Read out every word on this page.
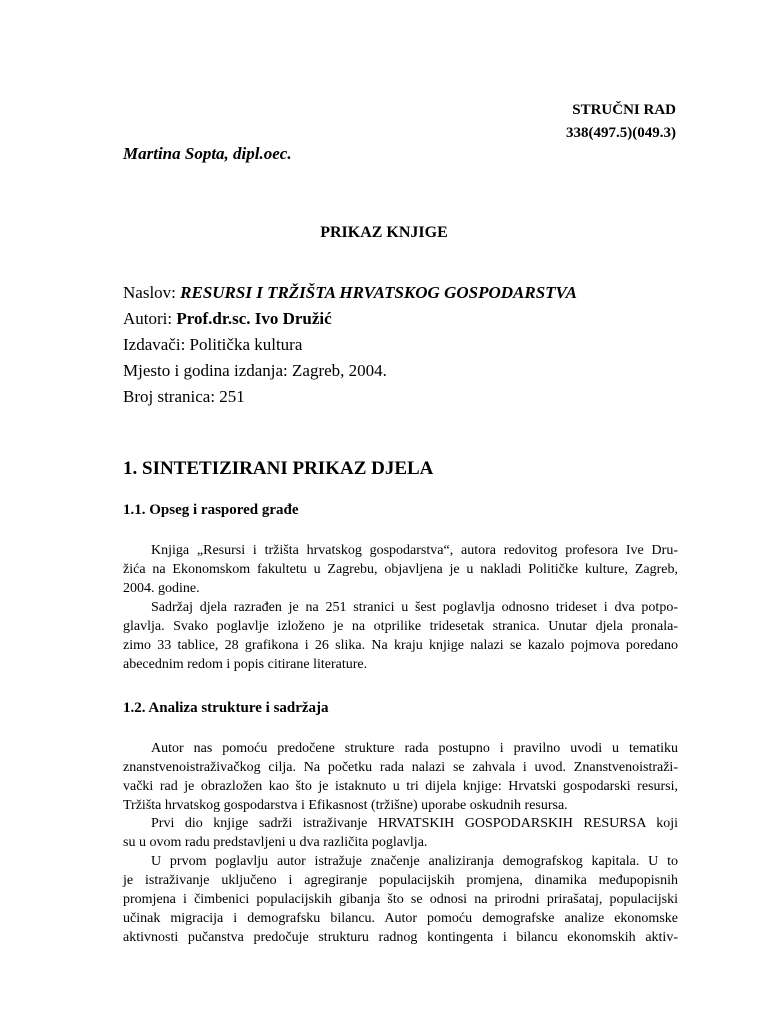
STRUČNI RAD
338(497.5)(049.3)
Martina Sopta, dipl.oec.
PRIKAZ KNJIGE
Naslov: RESURSI I TRŽIŠTA HRVATSKOG GOSPODARSTVA
Autori: Prof.dr.sc. Ivo Družić
Izdavači: Politička kultura
Mjesto i godina izdanja: Zagreb, 2004.
Broj stranica: 251
1. SINTETIZIRANI PRIKAZ DJELA
1.1. Opseg i raspored građe
Knjiga „Resursi i tržišta hrvatskog gospodarstva“, autora redovitog profesora Ive Dru-
žića na Ekonomskom fakultetu u Zagrebu, objavljena je u nakladi Političke kulture, Zagreb,
2004. godine.
Sadržaj djela razrađen je na 251 stranici u šest poglavlja odnosno trideset i dva potpo-
glavlja. Svako poglavlje izloženo je na otprilike tridesetak stranica. Unutar djela pronala-
zimo 33 tablice, 28 grafikona i 26 slika. Na kraju knjige nalazi se kazalo pojmova poredano
abecednim redom i popis citirane literature.
1.2. Analiza strukture i sadržaja
Autor nas pomoću predočene strukture rada postupno i pravilno uvodi u tematiku
znanstvenoistraživačkog cilja. Na početku rada nalazi se zahvala i uvod. Znanstvenoistraži-
vački rad je obrazložen kao što je istaknuto u tri dijela knjige: Hrvatski gospodarski resursi,
Tržišta hrvatskog gospodarstva i Efikasnost (tržišne) uporabe oskudnih resursa.
Prvi dio knjige sadrži istraživanje HRVATSKIH GOSPODARSKIH RESURSA koji
su u ovom radu predstavljeni u dva različita poglavlja.
U prvom poglavlju autor istražuje značenje analiziranja demografskog kapitala. U to
je istraživanje uključeno i agregiranje populacijskih promjena, dinamika međupopisnih
promjena i čimbenici populacijskih gibanja što se odnosi na prirodni prirašataj, populacijski
učinak migracija i demografsku bilancu. Autor pomoću demografske analize ekonomske
aktivnosti pučanstva predočuje strukturu radnog kontingenta i bilancu ekonomskih aktiv-
